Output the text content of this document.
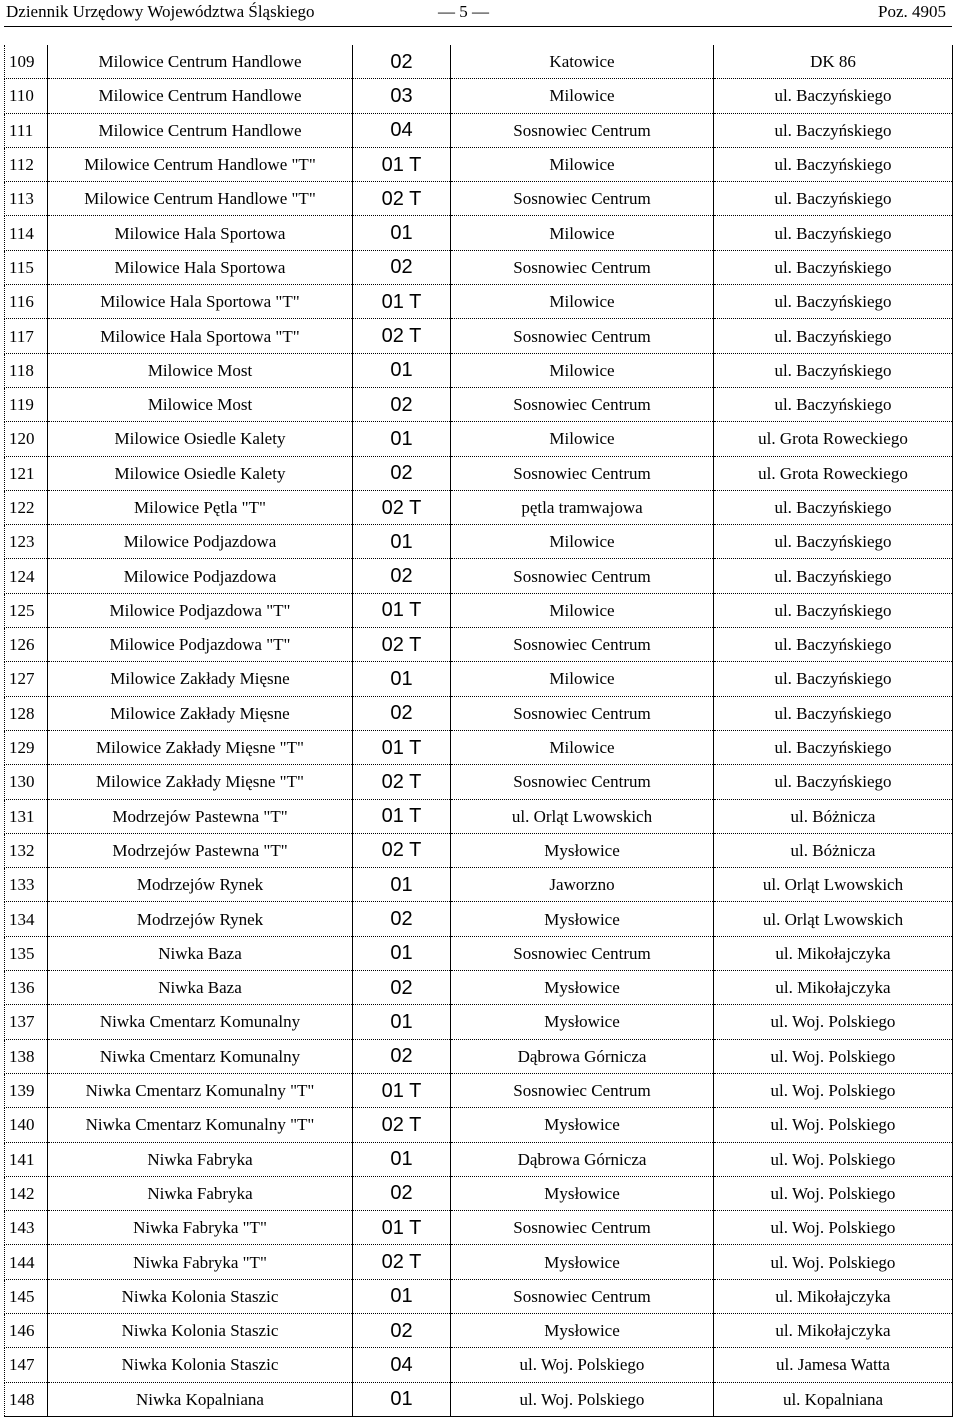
Dziennik Urzędowy Województwa Śląskiego	— 5 —	Poz. 4905
109	Milowice Centrum Handlowe	02	Katowice	DK 86
110	Milowice Centrum Handlowe	03	Milowice	ul. Baczyńskiego
111	Milowice Centrum Handlowe	04	Sosnowiec Centrum	ul. Baczyńskiego
112	Milowice Centrum Handlowe "T"	01 T	Milowice	ul. Baczyńskiego
113	Milowice Centrum Handlowe "T"	02 T	Sosnowiec Centrum	ul. Baczyńskiego
114	Milowice Hala Sportowa	01	Milowice	ul. Baczyńskiego
115	Milowice Hala Sportowa	02	Sosnowiec Centrum	ul. Baczyńskiego
116	Milowice Hala Sportowa "T"	01 T	Milowice	ul. Baczyńskiego
117	Milowice Hala Sportowa "T"	02 T	Sosnowiec Centrum	ul. Baczyńskiego
118	Milowice Most	01	Milowice	ul. Baczyńskiego
119	Milowice Most	02	Sosnowiec Centrum	ul. Baczyńskiego
120	Milowice Osiedle Kalety	01	Milowice	ul. Grota Roweckiego
121	Milowice Osiedle Kalety	02	Sosnowiec Centrum	ul. Grota Roweckiego
122	Milowice Pętla "T"	02 T	pętla tramwajowa	ul. Baczyńskiego
123	Milowice Podjazdowa	01	Milowice	ul. Baczyńskiego
124	Milowice Podjazdowa	02	Sosnowiec Centrum	ul. Baczyńskiego
125	Milowice Podjazdowa "T"	01 T	Milowice	ul. Baczyńskiego
126	Milowice Podjazdowa "T"	02 T	Sosnowiec Centrum	ul. Baczyńskiego
127	Milowice Zakłady Mięsne	01	Milowice	ul. Baczyńskiego
128	Milowice Zakłady Mięsne	02	Sosnowiec Centrum	ul. Baczyńskiego
129	Milowice Zakłady Mięsne "T"	01 T	Milowice	ul. Baczyńskiego
130	Milowice Zakłady Mięsne "T"	02 T	Sosnowiec Centrum	ul. Baczyńskiego
131	Modrzejów Pastewna "T"	01 T	ul. Orląt Lwowskich	ul. Bóżnicza
132	Modrzejów Pastewna "T"	02 T	Mysłowice	ul. Bóżnicza
133	Modrzejów Rynek	01	Jaworzno	ul. Orląt Lwowskich
134	Modrzejów Rynek	02	Mysłowice	ul. Orląt Lwowskich
135	Niwka Baza	01	Sosnowiec Centrum	ul. Mikołajczyka
136	Niwka Baza	02	Mysłowice	ul. Mikołajczyka
137	Niwka Cmentarz Komunalny	01	Mysłowice	ul. Woj. Polskiego
138	Niwka Cmentarz Komunalny	02	Dąbrowa Górnicza	ul. Woj. Polskiego
139	Niwka Cmentarz Komunalny "T"	01 T	Sosnowiec Centrum	ul. Woj. Polskiego
140	Niwka Cmentarz Komunalny "T"	02 T	Mysłowice	ul. Woj. Polskiego
141	Niwka Fabryka	01	Dąbrowa Górnicza	ul. Woj. Polskiego
142	Niwka Fabryka	02	Mysłowice	ul. Woj. Polskiego
143	Niwka Fabryka "T"	01 T	Sosnowiec Centrum	ul. Woj. Polskiego
144	Niwka Fabryka "T"	02 T	Mysłowice	ul. Woj. Polskiego
145	Niwka Kolonia Staszic	01	Sosnowiec Centrum	ul. Mikołajczyka
146	Niwka Kolonia Staszic	02	Mysłowice	ul. Mikołajczyka
147	Niwka Kolonia Staszic	04	ul. Woj. Polskiego	ul. Jamesa Watta
148	Niwka Kopalniana	01	ul. Woj. Polskiego	ul. Kopalniana
